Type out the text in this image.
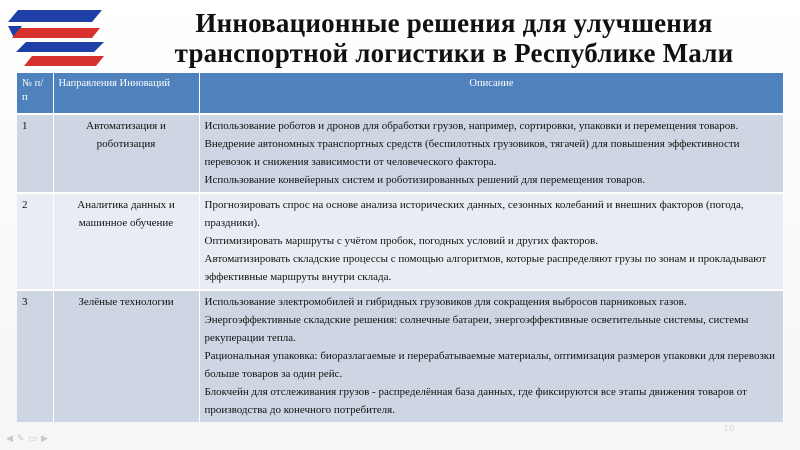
Инновационные решения для улучшения
транспортной логистики в Республике Мали
№ п/п	Направления Инноваций	Описание
1	Автоматизация и роботизация	Использование роботов и дронов для обработки грузов, например, сортировки, упаковки и перемещения товаров.
Внедрение автономных транспортных средств (беспилотных грузовиков, тягачей) для повышения эффективности перевозок и снижения зависимости от человеческого фактора.
Использование конвейерных систем и роботизированных решений для перемещения товаров.

2	Аналитика данных и машинное обучение	Прогнозировать спрос на основе анализа исторических данных, сезонных колебаний и внешних факторов (погода, праздники).
Оптимизировать маршруты с учётом пробок, погодных условий и других факторов.
Автоматизировать складские процессы с помощью алгоритмов, которые распределяют грузы по зонам и прокладывают эффективные маршруты внутри склада.

3	Зелёные технологии	Использование электромобилей и гибридных грузовиков для сокращения выбросов парниковых газов.
Энергоэффективные складские решения: солнечные батареи, энергоэффективные осветительные системы, системы рекуперации тепла.
Рациональная упаковка: биоразлагаемые и перерабатываемые материалы, оптимизация размеров упаковки для перевозки больше товаров за один рейс.
Блокчейн для отслеживания грузов - распределённая база данных, где фиксируются все этапы движения товаров от производства до конечного потребителя.
◀ ✎ ▭ ▶
10
